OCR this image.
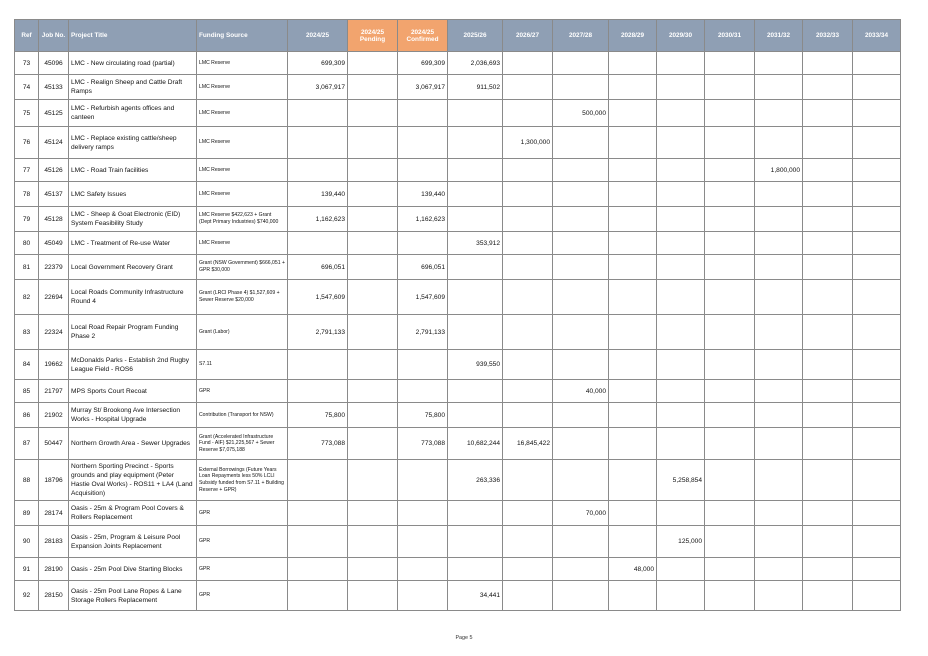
Ref	Job No.	Project Title	Funding Source	2024/25	2024/25 Pending	2024/25 Confirmed	2025/26	2026/27	2027/28	2028/29	2029/30	2030/31	2031/32	2032/33	2033/34
73	45096	LMC - New circulating road (partial)	LMC Reserve	699,309		699,309	2,036,693								
74	45133	LMC - Realign Sheep and Cattle Draft Ramps	LMC Reserve	3,067,917		3,067,917	911,502								
75	45125	LMC - Refurbish agents offices and canteen	LMC Reserve						500,000						
76	45124	LMC - Replace existing cattle/sheep delivery ramps	LMC Reserve					1,300,000							
77	45126	LMC - Road Train facilities	LMC Reserve										1,800,000		
78	45137	LMC Safety Issues	LMC Reserve	139,440		139,440									
79	45128	LMC - Sheep & Goat Electronic (EID) System Feasibility Study	LMC Reserve $422,623 + Grant (Dept Primary Industries) $740,000	1,162,623		1,162,623									
80	45049	LMC - Treatment of Re-use Water	LMC Reserve				353,912								
81	22379	Local Government Recovery Grant	Grant (NSW Government) $666,051 + GPR $30,000	696,051		696,051									
82	22694	Local Roads Community Infrastructure Round 4	Grant (LRCI Phase 4) $1,527,609 + Sewer Reserve $20,000	1,547,609		1,547,609									
83	22324	Local Road Repair Program Funding Phase 2	Grant (Labor)	2,791,133		2,791,133									
84	19662	McDonalds Parks - Establish 2nd Rugby League Field - ROS6	S7.11				939,550								
85	21797	MPS Sports Court Recoat	GPR						40,000						
86	21902	Murray St/ Brookong Ave Intersection Works - Hospital Upgrade	Contribution (Transport for NSW)	75,800		75,800									
87	50447	Northern Growth Area - Sewer Upgrades	Grant (Accelerated Infrastructure Fund - AIF) $21,225,567 + Sewer Reserve $7,075,188	773,088		773,088	10,682,244	16,845,422							
88	18796	Northern Sporting Precinct - Sports grounds and play equipment (Peter Hastie Oval Works) - ROS11 + LA4 (Land Acquisition)	External Borrowings (Future Years Loan Repayments less 50% LCLI Subsidy funded from S7.11 + Building Reserve + GPR)				263,336				5,258,854				
89	28174	Oasis - 25m & Program Pool Covers & Rollers Replacement	GPR						70,000						
90	28183	Oasis - 25m, Program & Leisure Pool Expansion Joints Replacement	GPR								125,000				
91	28190	Oasis - 25m Pool Dive Starting Blocks	GPR							48,000					
92	28150	Oasis - 25m Pool Lane Ropes & Lane Storage Rollers Replacement	GPR				34,441								
Page 5
